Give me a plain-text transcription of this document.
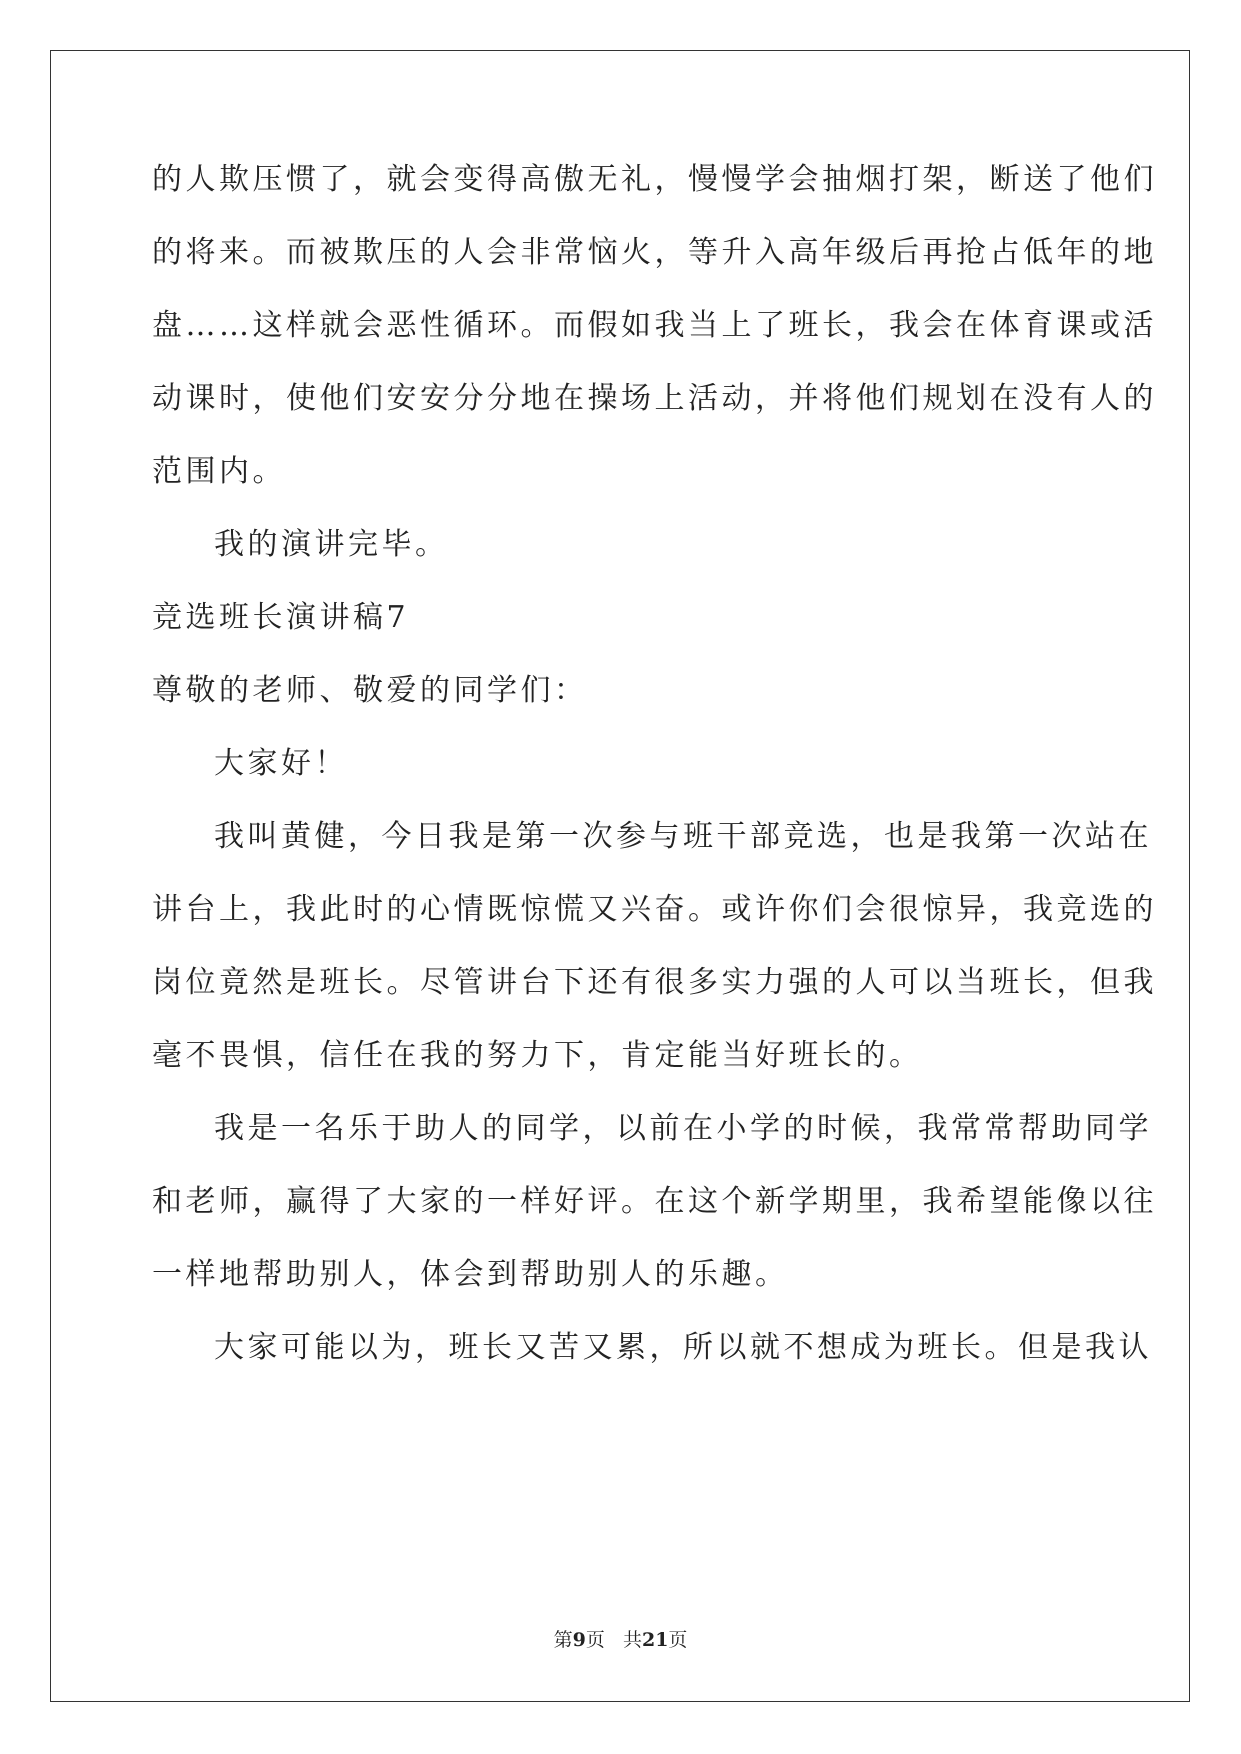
的人欺压惯了，就会变得高傲无礼，慢慢学会抽烟打架，断送了他们
的将来。而被欺压的人会非常恼火，等升入高年级后再抢占低年的地
盘……这样就会恶性循环。而假如我当上了班长，我会在体育课或活
动课时，使他们安安分分地在操场上活动，并将他们规划在没有人的
范围内。
我的演讲完毕。
竞选班长演讲稿7
尊敬的老师、敬爱的同学们：
大家好！
我叫黄健，今日我是第一次参与班干部竞选，也是我第一次站在
讲台上，我此时的心情既惊慌又兴奋。或许你们会很惊异，我竞选的
岗位竟然是班长。尽管讲台下还有很多实力强的人可以当班长，但我
毫不畏惧，信任在我的努力下，肯定能当好班长的。
我是一名乐于助人的同学，以前在小学的时候，我常常帮助同学
和老师，赢得了大家的一样好评。在这个新学期里，我希望能像以往
一样地帮助别人，体会到帮助别人的乐趣。
大家可能以为，班长又苦又累，所以就不想成为班长。但是我认
第9页 共21页
